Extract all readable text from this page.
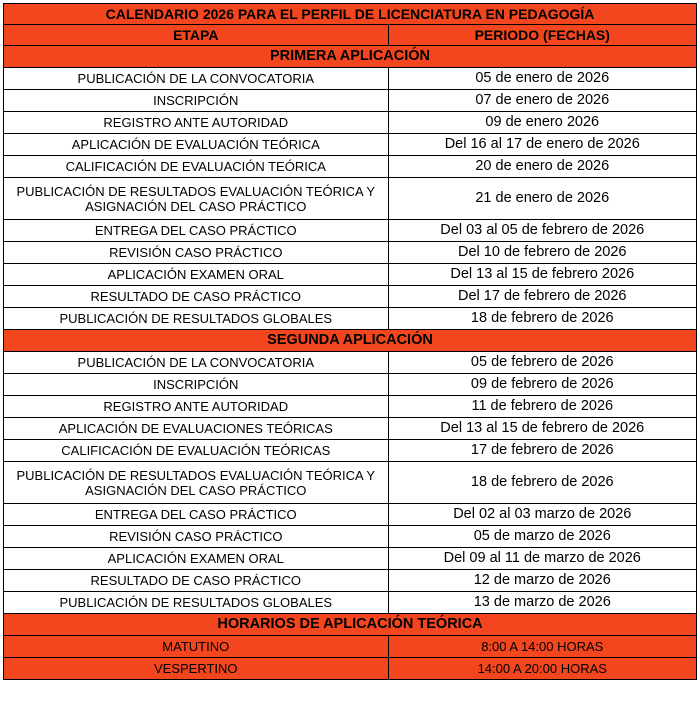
CALENDARIO 2026 PARA EL PERFIL DE LICENCIATURA EN PEDAGOGÍA	
ETAPA	PERIODO (FECHAS)
PRIMERA APLICACIÓN	
PUBLICACIÓN DE LA CONVOCATORIA	05 de enero de 2026
INSCRIPCIÓN	07 de enero de 2026
REGISTRO ANTE AUTORIDAD	09 de enero 2026
APLICACIÓN DE EVALUACIÓN TEÓRICA	Del 16 al 17 de enero de 2026
CALIFICACIÓN DE EVALUACIÓN TEÓRICA	20 de enero de 2026
PUBLICACIÓN DE RESULTADOS EVALUACIÓN TEÓRICA Y ASIGNACIÓN DEL CASO PRÁCTICO	21 de enero de 2026
ENTREGA DEL CASO PRÁCTICO	Del 03 al 05 de febrero de 2026
REVISIÓN CASO PRÁCTICO	Del 10 de febrero de 2026
APLICACIÓN EXAMEN ORAL	Del 13 al 15 de febrero 2026
RESULTADO DE CASO PRÁCTICO	Del 17 de febrero de 2026
PUBLICACIÓN DE RESULTADOS GLOBALES	18 de febrero de 2026
SEGUNDA APLICACIÓN	
PUBLICACIÓN DE LA CONVOCATORIA	05 de febrero de 2026
INSCRIPCIÓN	09 de febrero de 2026
REGISTRO ANTE AUTORIDAD	11 de febrero de 2026
APLICACIÓN DE EVALUACIONES TEÓRICAS	Del 13 al 15 de febrero de 2026
CALIFICACIÓN DE EVALUACIÓN TEÓRICAS	17 de febrero de 2026
PUBLICACIÓN DE RESULTADOS EVALUACIÓN TEÓRICA Y ASIGNACIÓN DEL CASO PRÁCTICO	18 de febrero de 2026
ENTREGA DEL CASO PRÁCTICO	Del 02 al 03 marzo de 2026
REVISIÓN CASO PRÁCTICO	05 de marzo de 2026
APLICACIÓN EXAMEN ORAL	Del 09 al 11 de marzo de 2026
RESULTADO DE CASO PRÁCTICO	12 de marzo de 2026
PUBLICACIÓN DE RESULTADOS GLOBALES	13 de marzo de 2026
HORARIOS DE APLICACIÓN TEÓRICA	
MATUTINO	8:00 A 14:00 HORAS
VESPERTINO	14:00 A 20:00 HORAS
